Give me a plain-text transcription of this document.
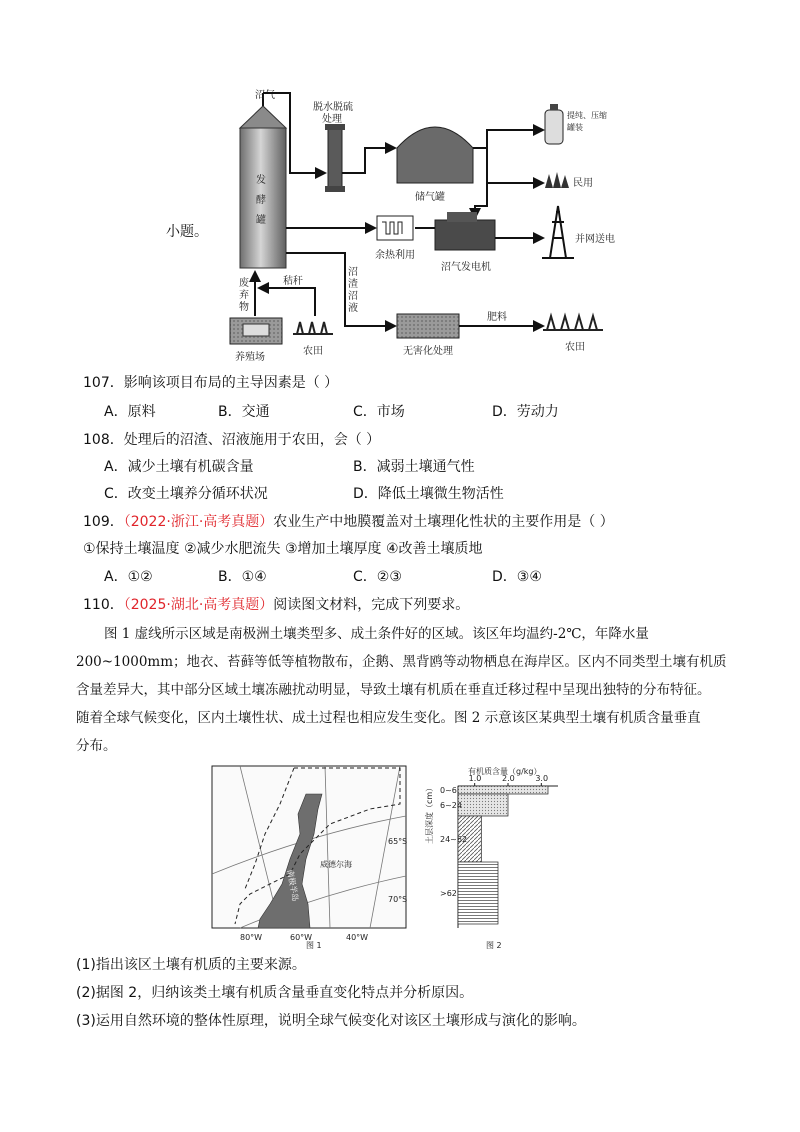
小题。
沼气
发
酵
罐
脱水脱硫
处理
储气罐
提纯、压缩
罐装
民用
沼气发电机
并网送电
余热利用
沼
渣
沼
液
无害化处理
肥料
农田
废
弃
物
秸秆
养殖场
农田
107．影响该项目布局的主导因素是（ ）
A．原料	B．交通	C．市场	D．劳动力
108．处理后的沼渣、沼液施用于农田，会（ ）
A．减少土壤有机碳含量	B．减弱土壤通气性
C．改变土壤养分循环状况	D．降低土壤微生物活性
109．（2022·浙江·高考真题）农业生产中地膜覆盖对土壤理化性状的主要作用是（ ）
①保持土壤温度 ②减少水肥流失 ③增加土壤厚度 ④改善土壤质地
A．①②	B．①④	C．②③	D．③④
110．（2025·湖北·高考真题）阅读图文材料，完成下列要求。
图 1 虚线所示区域是南极洲土壤类型多、成土条件好的区域。该区年均温约-2℃，年降水量
200~1000mm；地衣、苔藓等低等植物散布，企鹅、黑背鸥等动物栖息在海岸区。区内不同类型土壤有机质
含量差异大，其中部分区域土壤冻融扰动明显，导致土壤有机质在垂直迁移过程中呈现出独特的分布特征。
随着全球气候变化，区内土壤性状、成土过程也相应发生变化。图 2 示意该区某典型土壤有机质含量垂直
分布。
威德尔海
南极半岛
65°S
70°S
80°W	60°W	40°W
图 1
有机质含量（g/kg）
1.0	2.0	3.0
0~6
6~24
24~62
>62
土层深度（cm）
图 2
(1)指出该区土壤有机质的主要来源。
(2)据图 2，归纳该类土壤有机质含量垂直变化特点并分析原因。
(3)运用自然环境的整体性原理，说明全球气候变化对该区土壤形成与演化的影响。
